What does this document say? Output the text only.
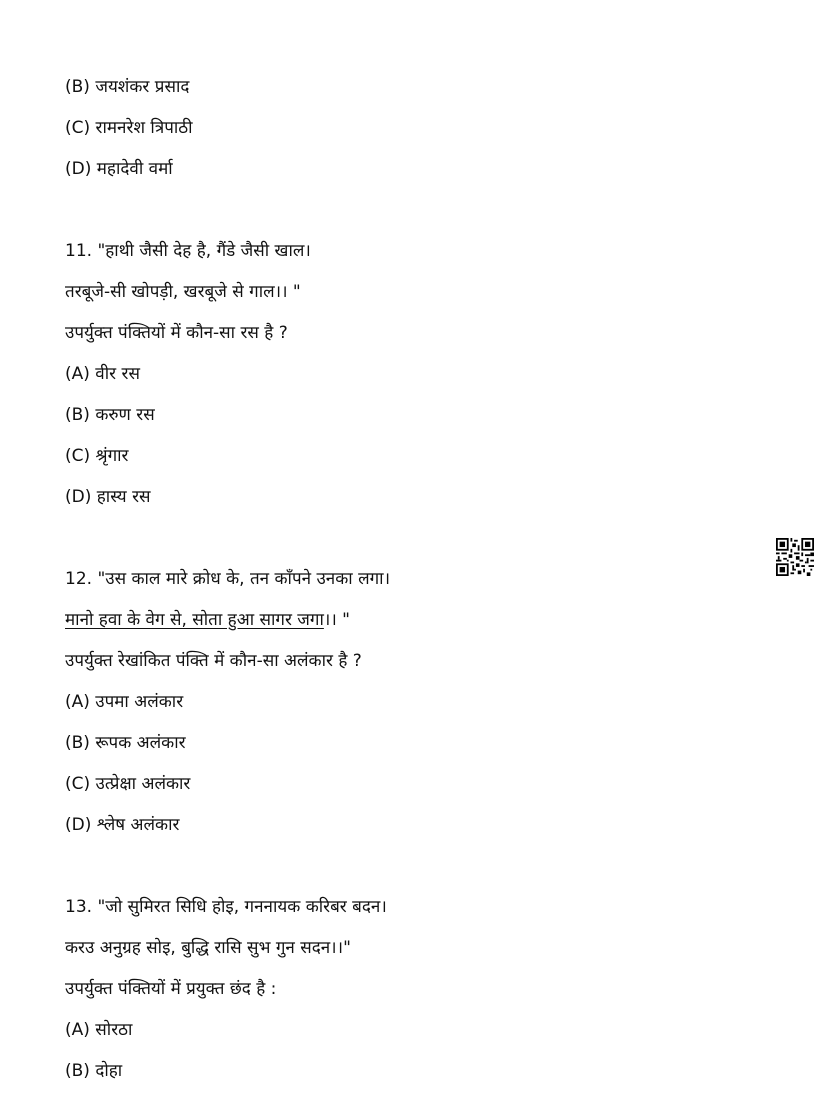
(B) जयशंकर प्रसाद
(C) रामनरेश त्रिपाठी
(D) महादेवी वर्मा
11. "हाथी जैसी देह है, गैंडे जैसी खाल।
तरबूजे-सी खोपड़ी, खरबूजे से गाल।। "
उपर्युक्त पंक्तियों में कौन-सा रस है ?
(A) वीर रस
(B) करुण रस
(C) श्रृंगार
(D) हास्य रस
12. "उस काल मारे क्रोध के, तन काँपने उनका लगा।
मानो हवा के वेग से, सोता हुआ सागर जगा।। "
उपर्युक्त रेखांकित पंक्ति में कौन-सा अलंकार है ?
(A) उपमा अलंकार
(B) रूपक अलंकार
(C) उत्प्रेक्षा अलंकार
(D) श्लेष अलंकार
13. "जो सुमिरत सिधि होइ, गननायक करिबर बदन।
करउ अनुग्रह सोइ, बुद्धि रासि सुभ गुन सदन।।"
उपर्युक्त पंक्तियों में प्रयुक्त छंद है :
(A) सोरठा
(B) दोहा
